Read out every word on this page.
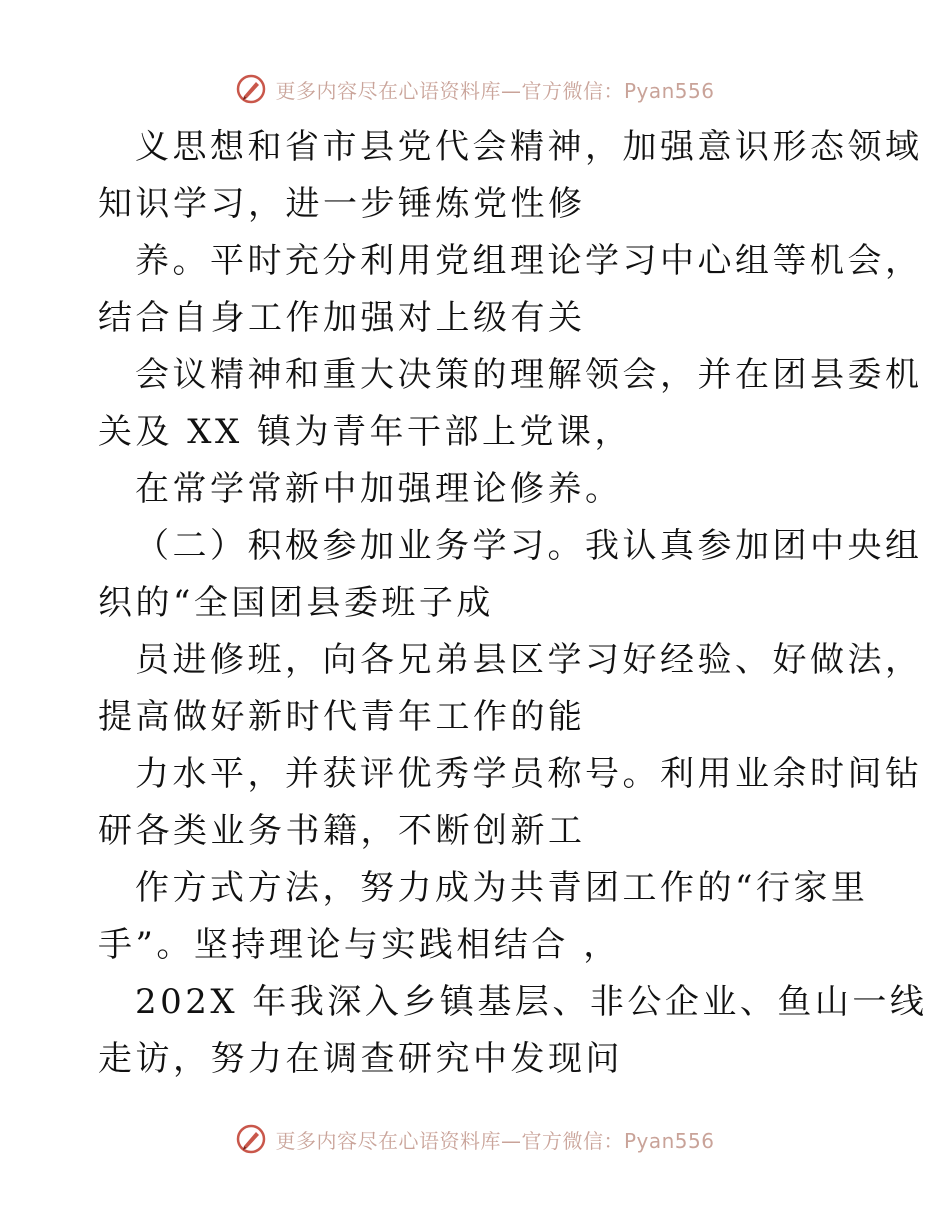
更多内容尽在心语资料库—官方微信：Pyan556
义思想和省市县党代会精神，加强意识形态领域
知识学习，进一步锤炼党性修
养。平时充分利用党组理论学习中心组等机会，
结合自身工作加强对上级有关
会议精神和重大决策的理解领会，并在团县委机
关及 XX 镇为青年干部上党课，
在常学常新中加强理论修养。
（二）积极参加业务学习。我认真参加团中央组
织的“全国团县委班子成
员进修班，向各兄弟县区学习好经验、好做法，
提高做好新时代青年工作的能
力水平，并获评优秀学员称号。利用业余时间钻
研各类业务书籍，不断创新工
作方式方法，努力成为共青团工作的“行家里
手”。坚持理论与实践相结合 ，
202X 年我深入乡镇基层、非公企业、鱼山一线
走访，努力在调查研究中发现问
更多内容尽在心语资料库—官方微信：Pyan556
